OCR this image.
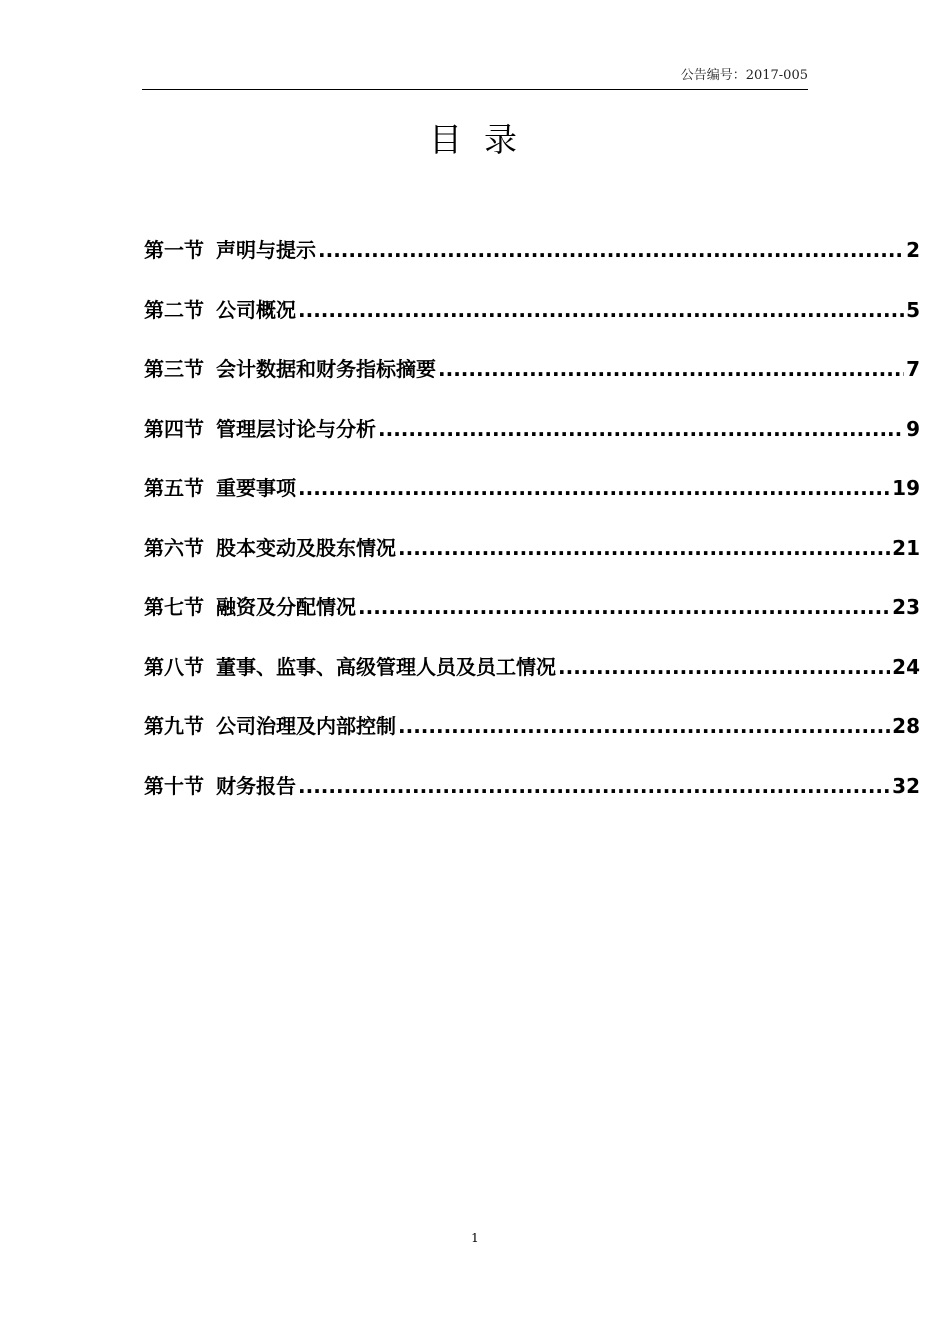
公告编号：2017-005
目录
第一节 声明与提示 .....	2
第二节 公司概况 .....	5
第三节 会计数据和财务指标摘要 .....	7
第四节 管理层讨论与分析 .....	9
第五节 重要事项 .....	19
第六节 股本变动及股东情况 .....	21
第七节 融资及分配情况 .....	23
第八节 董事、监事、高级管理人员及员工情况 .....	24
第九节 公司治理及内部控制 .....	28
第十节 财务报告 .....	32
1
